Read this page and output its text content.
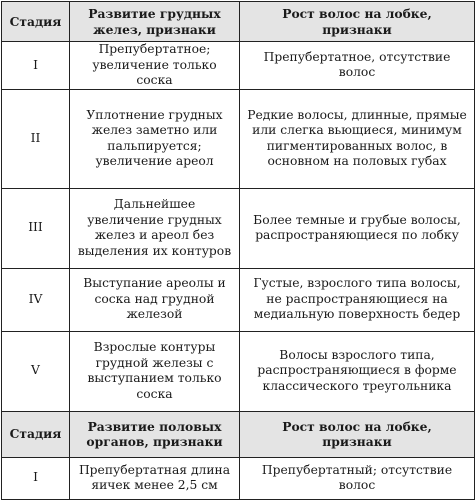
Стадия	Развитие грудных желез, признаки	Рост волос на лобке, признаки
I	Препубертатное; увеличение только соска	Препубертатное, отсутствие волос
II	Уплотнение грудных желез заметно или пальпируется; увеличение ареол	Редкие волосы, длинные, прямые или слегка вьющиеся, минимум пигментированных волос, в основном на половых губах
III	Дальнейшее увеличение грудных желез и ареол без выделения их контуров	Более темные и грубые волосы, распространяющиеся по лобку
IV	Выступание ареолы и соска над грудной железой	Густые, взрослого типа волосы, не распространяющиеся на медиальную поверхность бедер
V	Взрослые контуры грудной железы с выступанием только соска	Волосы взрослого типа, распространяющиеся в форме классического треугольника
Стадия	Развитие половых органов, признаки	Рост волос на лобке, признаки
I	Препубертатная длина яичек менее 2,5 см	Препубертатный; отсутствие волос
